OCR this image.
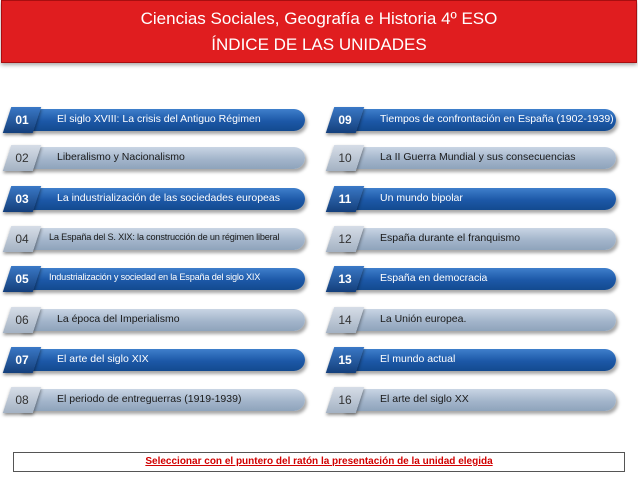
Ciencias Sociales, Geografía e Historia 4º ESO
ÍNDICE DE LAS UNIDADES
El siglo XVIII: La crisis del Antiguo Régimen
01
Liberalismo y Nacionalismo
02
La industrialización de las sociedades europeas
03
La España del S. XIX: la construcción de un régimen liberal
04
Industrialización y sociedad en la España del siglo XIX
05
La época del Imperialismo
06
El arte del siglo XIX
07
El periodo de entreguerras (1919-1939)
08
Tiempos de confrontación en España (1902-1939)
09
La II Guerra Mundial y sus consecuencias
10
Un mundo bipolar
11
España durante el franquismo
12
España en democracia
13
La Unión europea.
14
El mundo actual
15
El arte del siglo XX
16
Seleccionar con el puntero del ratón la presentación de la unidad elegida
